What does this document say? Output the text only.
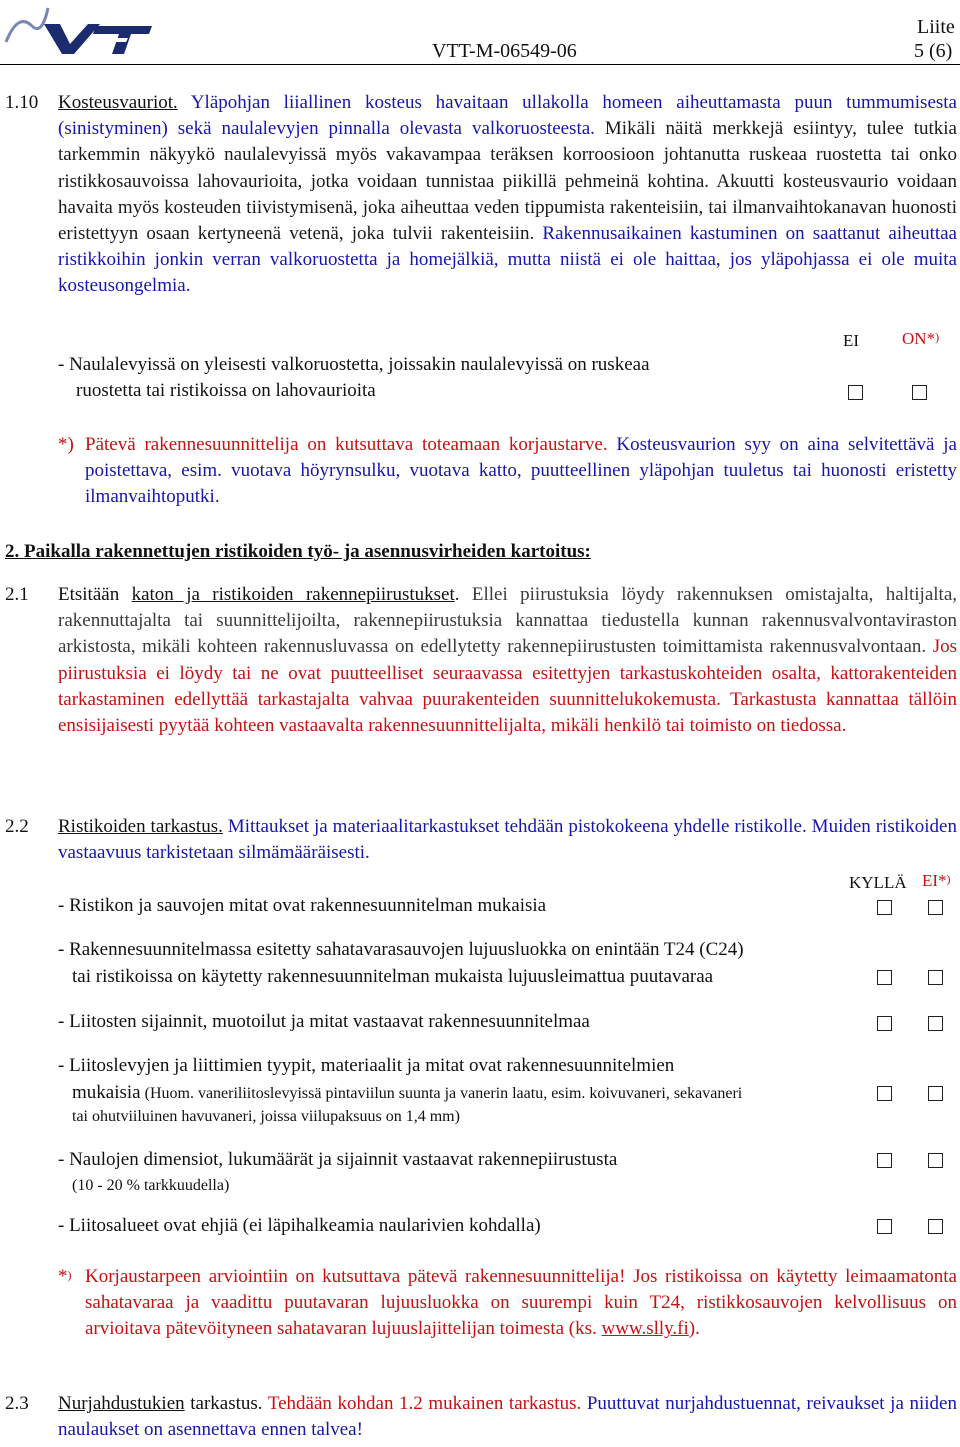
VTT-M-06549-06
Liite
5 (6)
1.10 Kosteusvauriot. Yläpohjan liiallinen kosteus havaitaan ullakolla homeen aiheuttamasta puun tummumisesta (sinistyminen) sekä naulalevyjen pinnalla olevasta valkoruosteesta. Mikäli näitä merkkejä esiintyy, tulee tutkia tarkemmin näkyykö naulalevyissä myös vakavampaa teräksen korroosioon johtanutta ruskeaa ruostetta tai onko ristikkosauvoissa lahovaurioita, jotka voidaan tunnistaa piikillä pehmeinä kohtina. Akuutti kosteusvaurio voidaan havaita myös kosteuden tiivistymisenä, joka aiheuttaa veden tippumista rakenteisiin, tai ilmanvaihtokanavan huonosti eristettyyn osaan kertyneenä vetenä, joka tulvii rakenteisiin. Rakennusaikainen kastuminen on saattanut aiheuttaa ristikkoihin jonkin verran valkoruostetta ja homejälkiä, mutta niistä ei ole haittaa, jos yläpohjassa ei ole muita kosteusongelmia.

EI	ON*)
- Naulalevyissä on yleisesti valkoruostetta, joissakin naulalevyissä on ruskeaa
ruostetta tai ristikoissa on lahovaurioita
*) Pätevä rakennesuunnittelija on kutsuttava toteamaan korjaustarve. Kosteusvaurion syy on aina selvitettävä ja poistettava, esim. vuotava höyrynsulku, vuotava katto, puutteellinen yläpohjan tuuletus tai huonosti eristetty ilmanvaihtoputki.

2. Paikalla rakennettujen ristikoiden työ- ja asennusvirheiden kartoitus:
2.1 Etsitään katon ja ristikoiden rakennepiirustukset. Ellei piirustuksia löydy rakennuksen omistajalta, haltijalta, rakennuttajalta tai suunnittelijoilta, rakennepiirustuksia kannattaa tiedustella kunnan rakennusvalvontaviraston arkistosta, mikäli kohteen rakennusluvassa on edellytetty rakennepiirustusten toimittamista rakennusvalvontaan. Jos piirustuksia ei löydy tai ne ovat puutteelliset seuraavassa esitettyjen tarkastuskohteiden osalta, kattorakenteiden tarkastaminen edellyttää tarkastajalta vahvaa puurakenteiden suunnittelukokemusta. Tarkastusta kannattaa tällöin ensisijaisesti pyytää kohteen vastaavalta rakennesuunnittelijalta, mikäli henkilö tai toimisto on tiedossa.

2.2 Ristikoiden tarkastus. Mittaukset ja materiaalitarkastukset tehdään pistokokeena yhdelle ristikolle. Muiden ristikoiden vastaavuus tarkistetaan silmämääräisesti.

KYLLÄ EI*)
- Ristikon ja sauvojen mitat ovat rakennesuunnitelman mukaisia
- Rakennesuunnitelmassa esitetty sahatavarasauvojen lujuusluokka on enintään T24 (C24)
tai ristikoissa on käytetty rakennesuunnitelman mukaista lujuusleimattua puutavaraa
- Liitosten sijainnit, muotoilut ja mitat vastaavat rakennesuunnitelmaa
- Liitoslevyjen ja liittimien tyypit, materiaalit ja mitat ovat rakennesuunnitelmien
mukaisia (Huom. vaneriliitoslevyissä pintaviilun suunta ja vanerin laatu, esim. koivuvaneri, sekavaneri
tai ohutviiluinen havuvaneri, joissa viilupaksuus on 1,4 mm)
- Naulojen dimensiot, lukumäärät ja sijainnit vastaavat rakennepiirustusta
(10 - 20 % tarkkuudella)
- Liitosalueet ovat ehjiä (ei läpihalkeamia naularivien kohdalla)
*) Korjaustarpeen arviointiin on kutsuttava pätevä rakennesuunnittelija! Jos ristikoissa on käytetty leimaamatonta sahatavaraa ja vaadittu puutavaran lujuusluokka on suurempi kuin T24, ristikkosauvojen kelvollisuus on arvioitava pätevöityneen sahatavaran lujuuslajittelijan toimesta (ks. www.slly.fi).

2.3 Nurjahdustukien tarkastus. Tehdään kohdan 1.2 mukainen tarkastus. Puuttuvat nurjahdustuennat, reivaukset ja niiden naulaukset on asennettava ennen talvea!
